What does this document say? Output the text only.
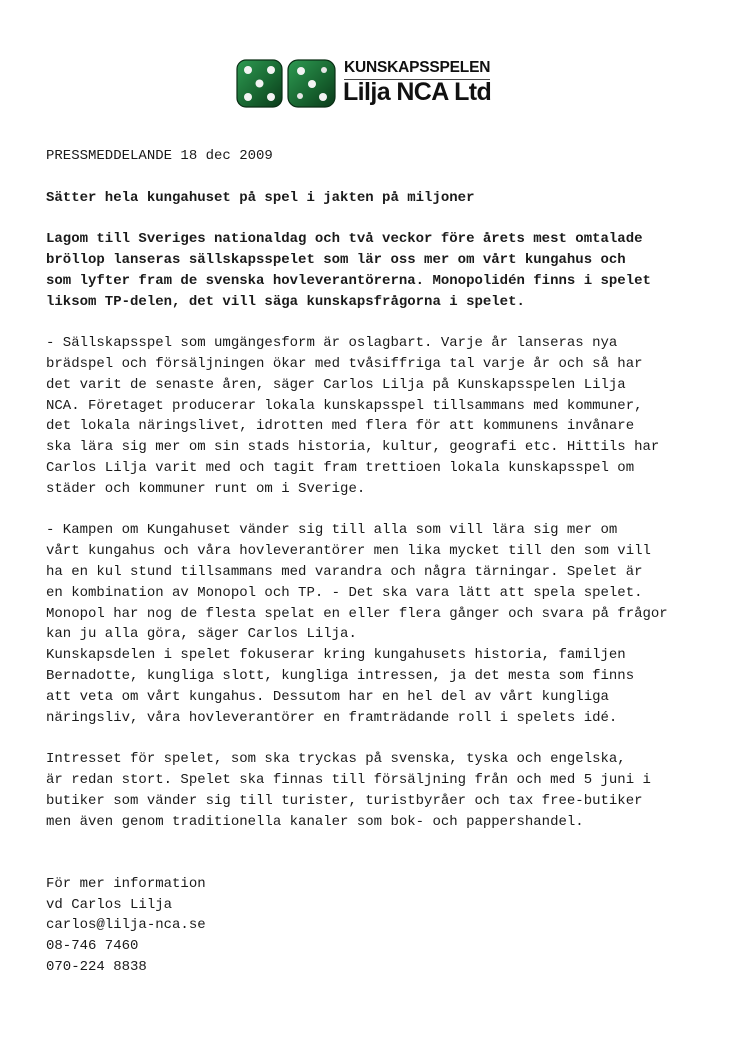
KUNSKAPSSPELEN
Lilja NCA Ltd
PRESSMEDDELANDE 18 dec 2009
Sätter hela kungahuset på spel i jakten på miljoner
Lagom till Sveriges nationaldag och två veckor före årets mest omtalade
bröllop lanseras sällskapsspelet som lär oss mer om vårt kungahus och
som lyfter fram de svenska hovleverantörerna. Monopolidén finns i spelet
liksom TP-delen, det vill säga kunskapsfrågorna i spelet.
- Sällskapsspel som umgängesform är oslagbart. Varje år lanseras nya
brädspel och försäljningen ökar med tvåsiffriga tal varje år och så har
det varit de senaste åren, säger Carlos Lilja på Kunskapsspelen Lilja
NCA. Företaget producerar lokala kunskapsspel tillsammans med kommuner,
det lokala näringslivet, idrotten med flera för att kommunens invånare
ska lära sig mer om sin stads historia, kultur, geografi etc. Hittils har
Carlos Lilja varit med och tagit fram trettioen lokala kunskapsspel om
städer och kommuner runt om i Sverige.
- Kampen om Kungahuset vänder sig till alla som vill lära sig mer om
vårt kungahus och våra hovleverantörer men lika mycket till den som vill
ha en kul stund tillsammans med varandra och några tärningar. Spelet är
en kombination av Monopol och TP. - Det ska vara lätt att spela spelet.
Monopol har nog de flesta spelat en eller flera gånger och svara på frågor
kan ju alla göra, säger Carlos Lilja.
Kunskapsdelen i spelet fokuserar kring kungahusets historia, familjen
Bernadotte, kungliga slott, kungliga intressen, ja det mesta som finns
att veta om vårt kungahus. Dessutom har en hel del av vårt kungliga
näringsliv, våra hovleverantörer en framträdande roll i spelets idé.
Intresset för spelet, som ska tryckas på svenska, tyska och engelska,
är redan stort. Spelet ska finnas till försäljning från och med 5 juni i
butiker som vänder sig till turister, turistbyråer och tax free-butiker
men även genom traditionella kanaler som bok- och pappershandel.
För mer information
vd Carlos Lilja
carlos@lilja-nca.se
08-746 7460
070-224 8838
